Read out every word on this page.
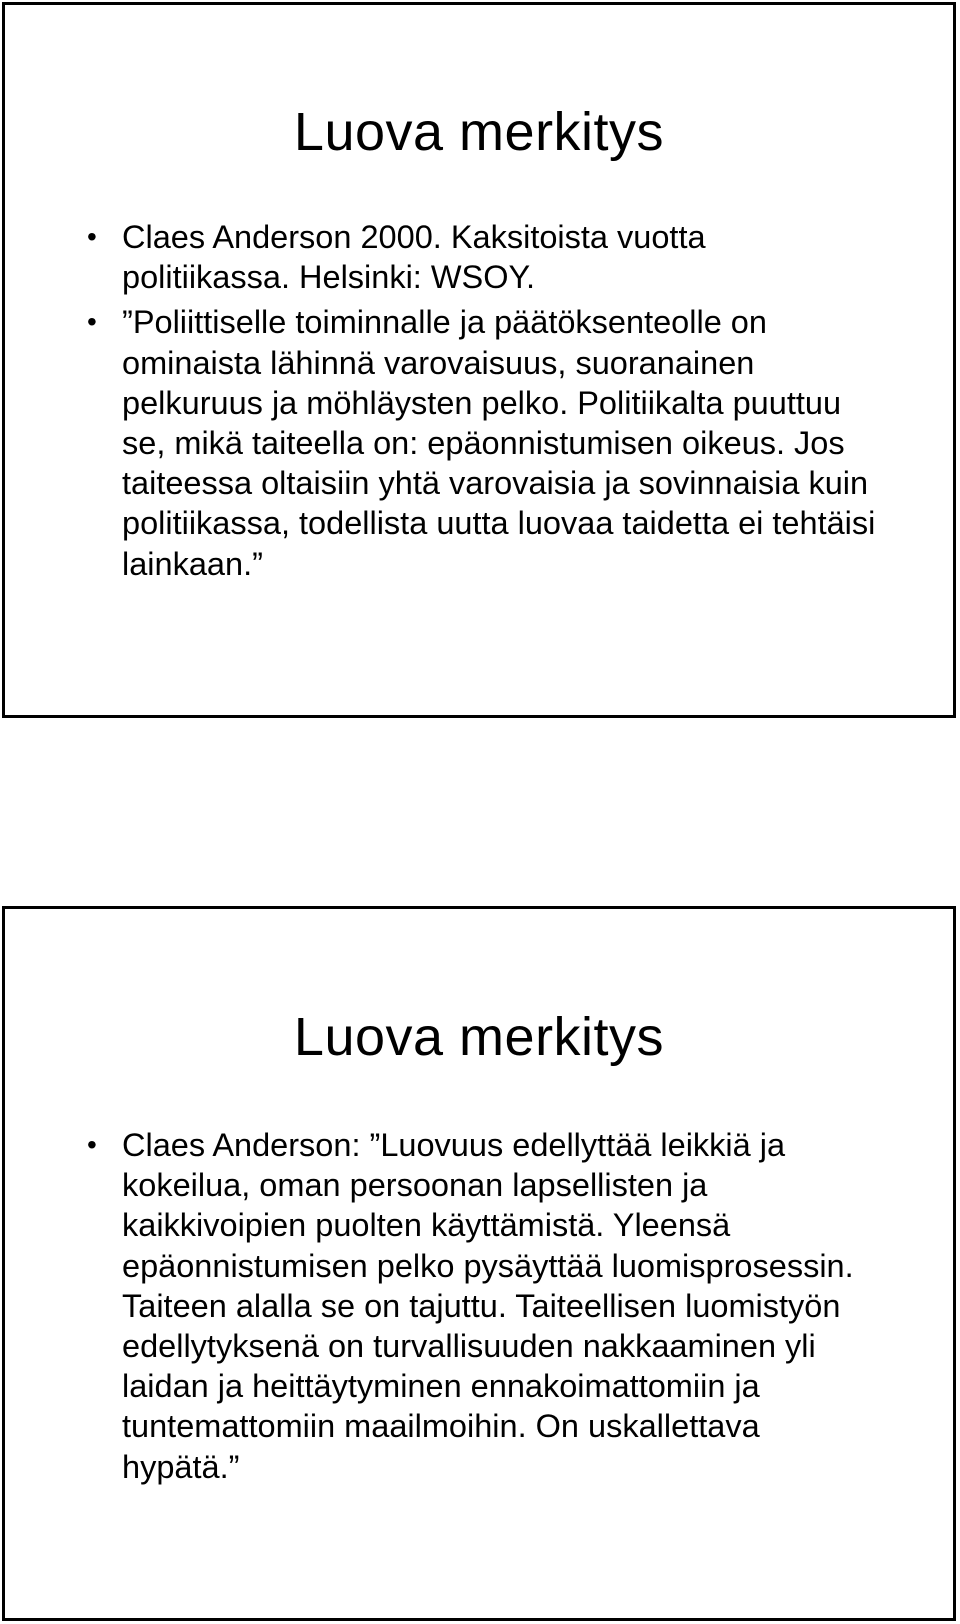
Luova merkitys
• Claes Anderson 2000. Kaksitoista vuotta politiikassa. Helsinki: WSOY.
• ”Poliittiselle toiminnalle ja päätöksenteolle on ominaista lähinnä varovaisuus, suoranainen pelkuruus ja möhläysten pelko. Politiikalta puuttuu se, mikä taiteella on: epäonnistumisen oikeus. Jos taiteessa oltaisiin yhtä varovaisia ja sovinnaisia kuin politiikassa, todellista uutta luovaa taidetta ei tehtäisi lainkaan.”
Luova merkitys
• Claes Anderson: ”Luovuus edellyttää leikkiä ja kokeilua, oman persoonan lapsellisten ja kaikkivoipien puolten käyttämistä. Yleensä epäonnistumisen pelko pysäyttää luomisprosessin. Taiteen alalla se on tajuttu. Taiteellisen luomistyön edellytyksenä on turvallisuuden nakkaaminen yli laidan ja heittäytyminen ennakoimattomiin ja tuntemattomiin maailmoihin. On uskallettava hypätä.”
